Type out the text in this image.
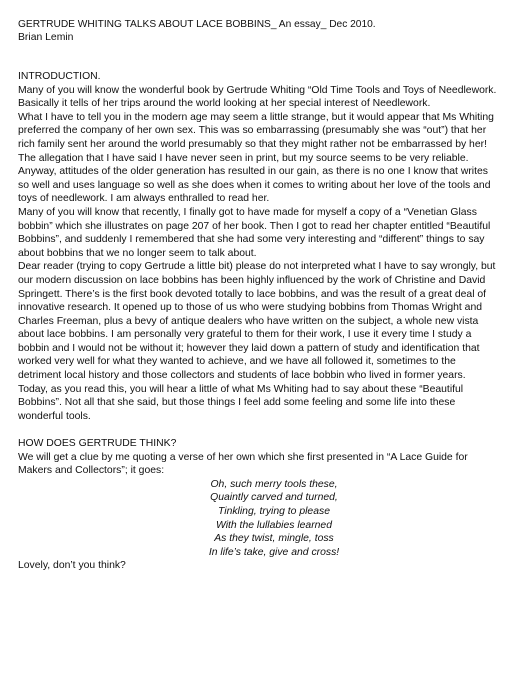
GERTRUDE WHITING TALKS ABOUT LACE BOBBINS_ An essay_ Dec 2010.
Brian Lemin
INTRODUCTION.

Many of you will know the wonderful book by Gertrude Whiting “Old Time Tools and Toys of Needlework. Basically it tells of her trips around the world looking at her special interest of Needlework.

What I have to tell you in the modern age may seem a little strange, but it would appear that Ms Whiting preferred the company of her own sex. This was so embarrassing (presumably she was “out”) that her rich family sent her around the world presumably so that they might rather not be embarrassed by her! The allegation that I have said I have never seen in print, but my source seems to be very reliable. Anyway, attitudes of the older generation has resulted in our gain, as there is no one I know that writes so well and uses language so well as she does when it comes to writing about her love of the tools and toys of needlework. I am always enthralled to read her.

Many of you will know that recently, I finally got to have made for myself a copy of a “Venetian Glass bobbin” which she illustrates on page 207 of her book. Then I got to read her chapter entitled “Beautiful Bobbins”, and suddenly I remembered that she had some very interesting and “different” things to say about bobbins that we no longer seem to talk about.

Dear reader (trying to copy Gertrude a little bit) please do not interpreted what I have to say wrongly, but our modern discussion on lace bobbins has been highly influenced by the work of Christine and David Springett. There’s is the first book devoted totally to lace bobbins, and was the result of a great deal of innovative research. It opened up to those of us who were studying bobbins from Thomas Wright and Charles Freeman, plus a bevy of antique dealers who have written on the subject, a whole new vista about lace bobbins. I am personally very grateful to them for their work, I use it every time I study a bobbin and I would not be without it; however they laid down a pattern of study and identification that worked very well for what they wanted to achieve, and we have all followed it, sometimes to the detriment local history and those collectors and students of lace bobbin who lived in former years.

Today, as you read this, you will hear a little of what Ms Whiting had to say about these “Beautiful Bobbins”. Not all that she said, but those things I feel add some feeling and some life into these wonderful tools.

HOW DOES GERTRUDE THINK?

We will get a clue by me quoting a verse of her own which she first presented in “A Lace Guide for Makers and Collectors”; it goes:

Oh, such merry tools these,
Quaintly carved and turned,
Tinkling, trying to please
With the lullabies learned
As they twist, mingle, toss
In life’s take, give and cross!

Lovely, don’t you think?
